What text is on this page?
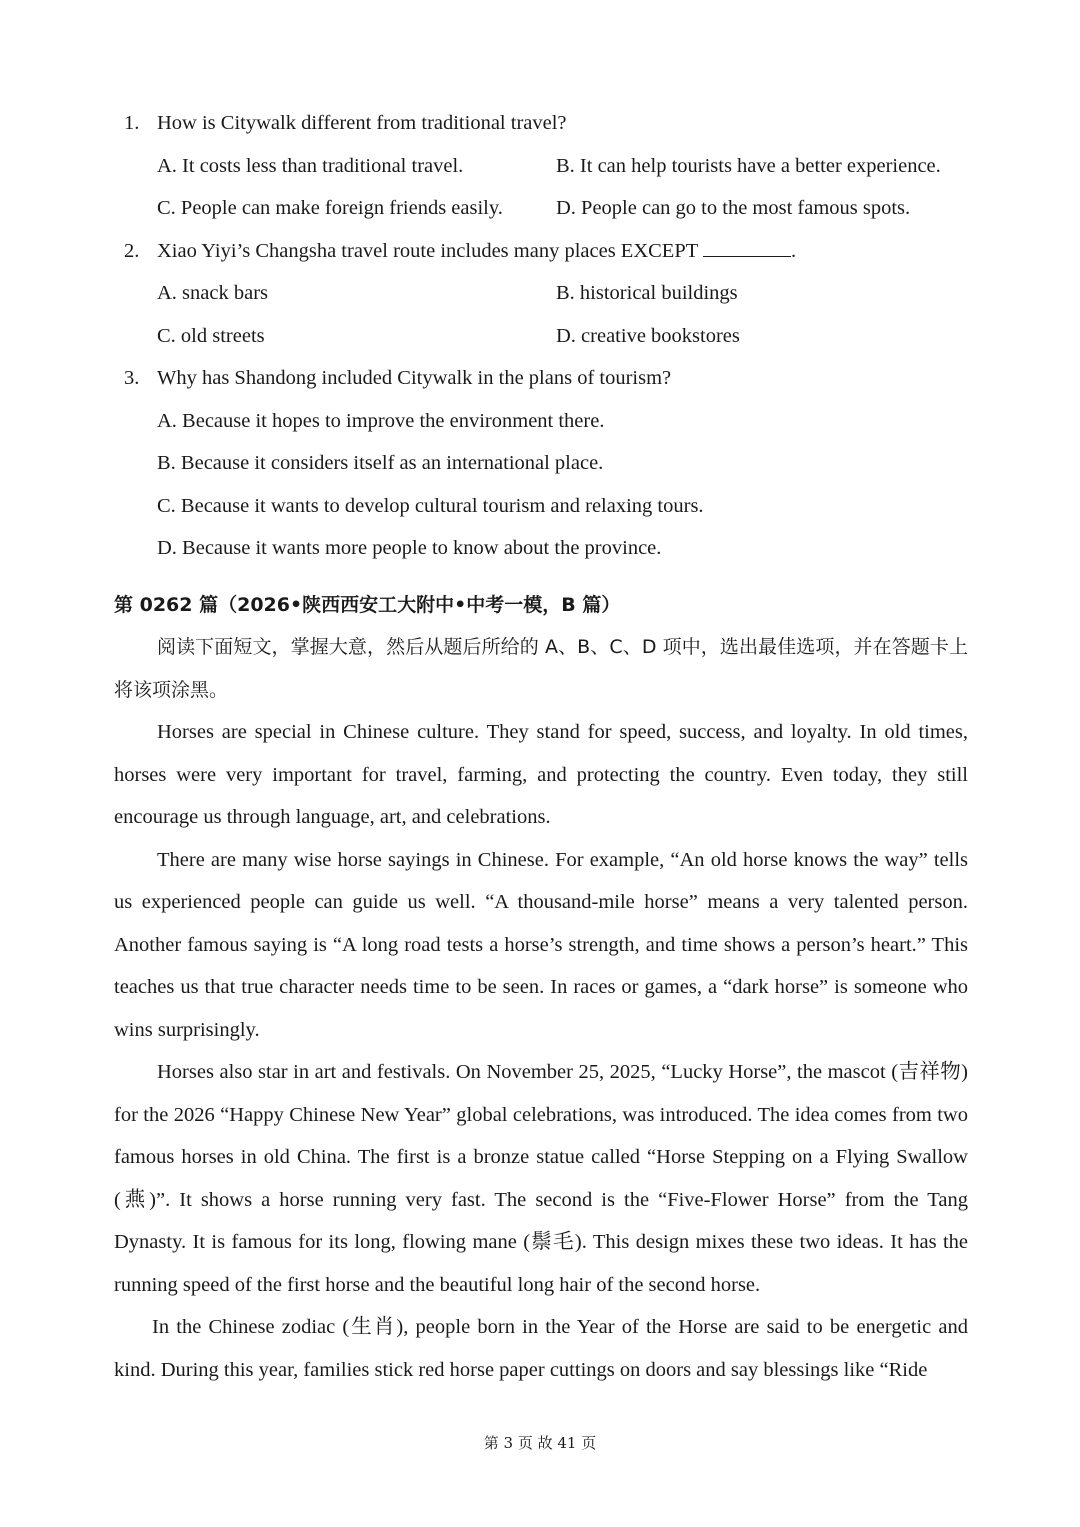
1. How is Citywalk different from traditional travel?
A. It costs less than traditional travel.	B. It can help tourists have a better experience.
C. People can make foreign friends easily.	D. People can go to the most famous spots.
2. Xiao Yiyi’s Changsha travel route includes many places EXCEPT	.
A. snack bars	B. historical buildings
C. old streets	D. creative bookstores
3. Why has Shandong included Citywalk in the plans of tourism?
A. Because it hopes to improve the environment there.
B. Because it considers itself as an international place.
C. Because it wants to develop cultural tourism and relaxing tours.
D. Because it wants more people to know about the province.
第 0262 篇（2026•陕西西安工大附中•中考一模，B 篇）
阅读下面短文，掌握大意，然后从题后所给的 A、B、C、D 项中，选出最佳选项，并在答题卡上将该项涂黑。
Horses are special in Chinese culture. They stand for speed, success, and loyalty. In old times, horses were very important for travel, farming, and protecting the country. Even today, they still encourage us through language, art, and celebrations.
There are many wise horse sayings in Chinese. For example, “An old horse knows the way” tells us experienced people can guide us well. “A thousand-mile horse” means a very talented person. Another famous saying is “A long road tests a horse’s strength, and time shows a person’s heart.” This teaches us that true character needs time to be seen. In races or games, a “dark horse” is someone who wins surprisingly.
Horses also star in art and festivals. On November 25, 2025, “Lucky Horse”, the mascot (吉祥物) for the 2026 “Happy Chinese New Year” global celebrations, was introduced. The idea comes from two famous horses in old China. The first is a bronze statue called “Horse Stepping on a Flying Swallow (燕)”. It shows a horse running very fast. The second is the “Five-Flower Horse” from the Tang Dynasty. It is famous for its long, flowing mane (鬃毛). This design mixes these two ideas. It has the running speed of the first horse and the beautiful long hair of the second horse.
In the Chinese zodiac (生肖), people born in the Year of the Horse are said to be energetic and kind. During this year, families stick red horse paper cuttings on doors and say blessings like “Ride
第 3 页 故 41 页
